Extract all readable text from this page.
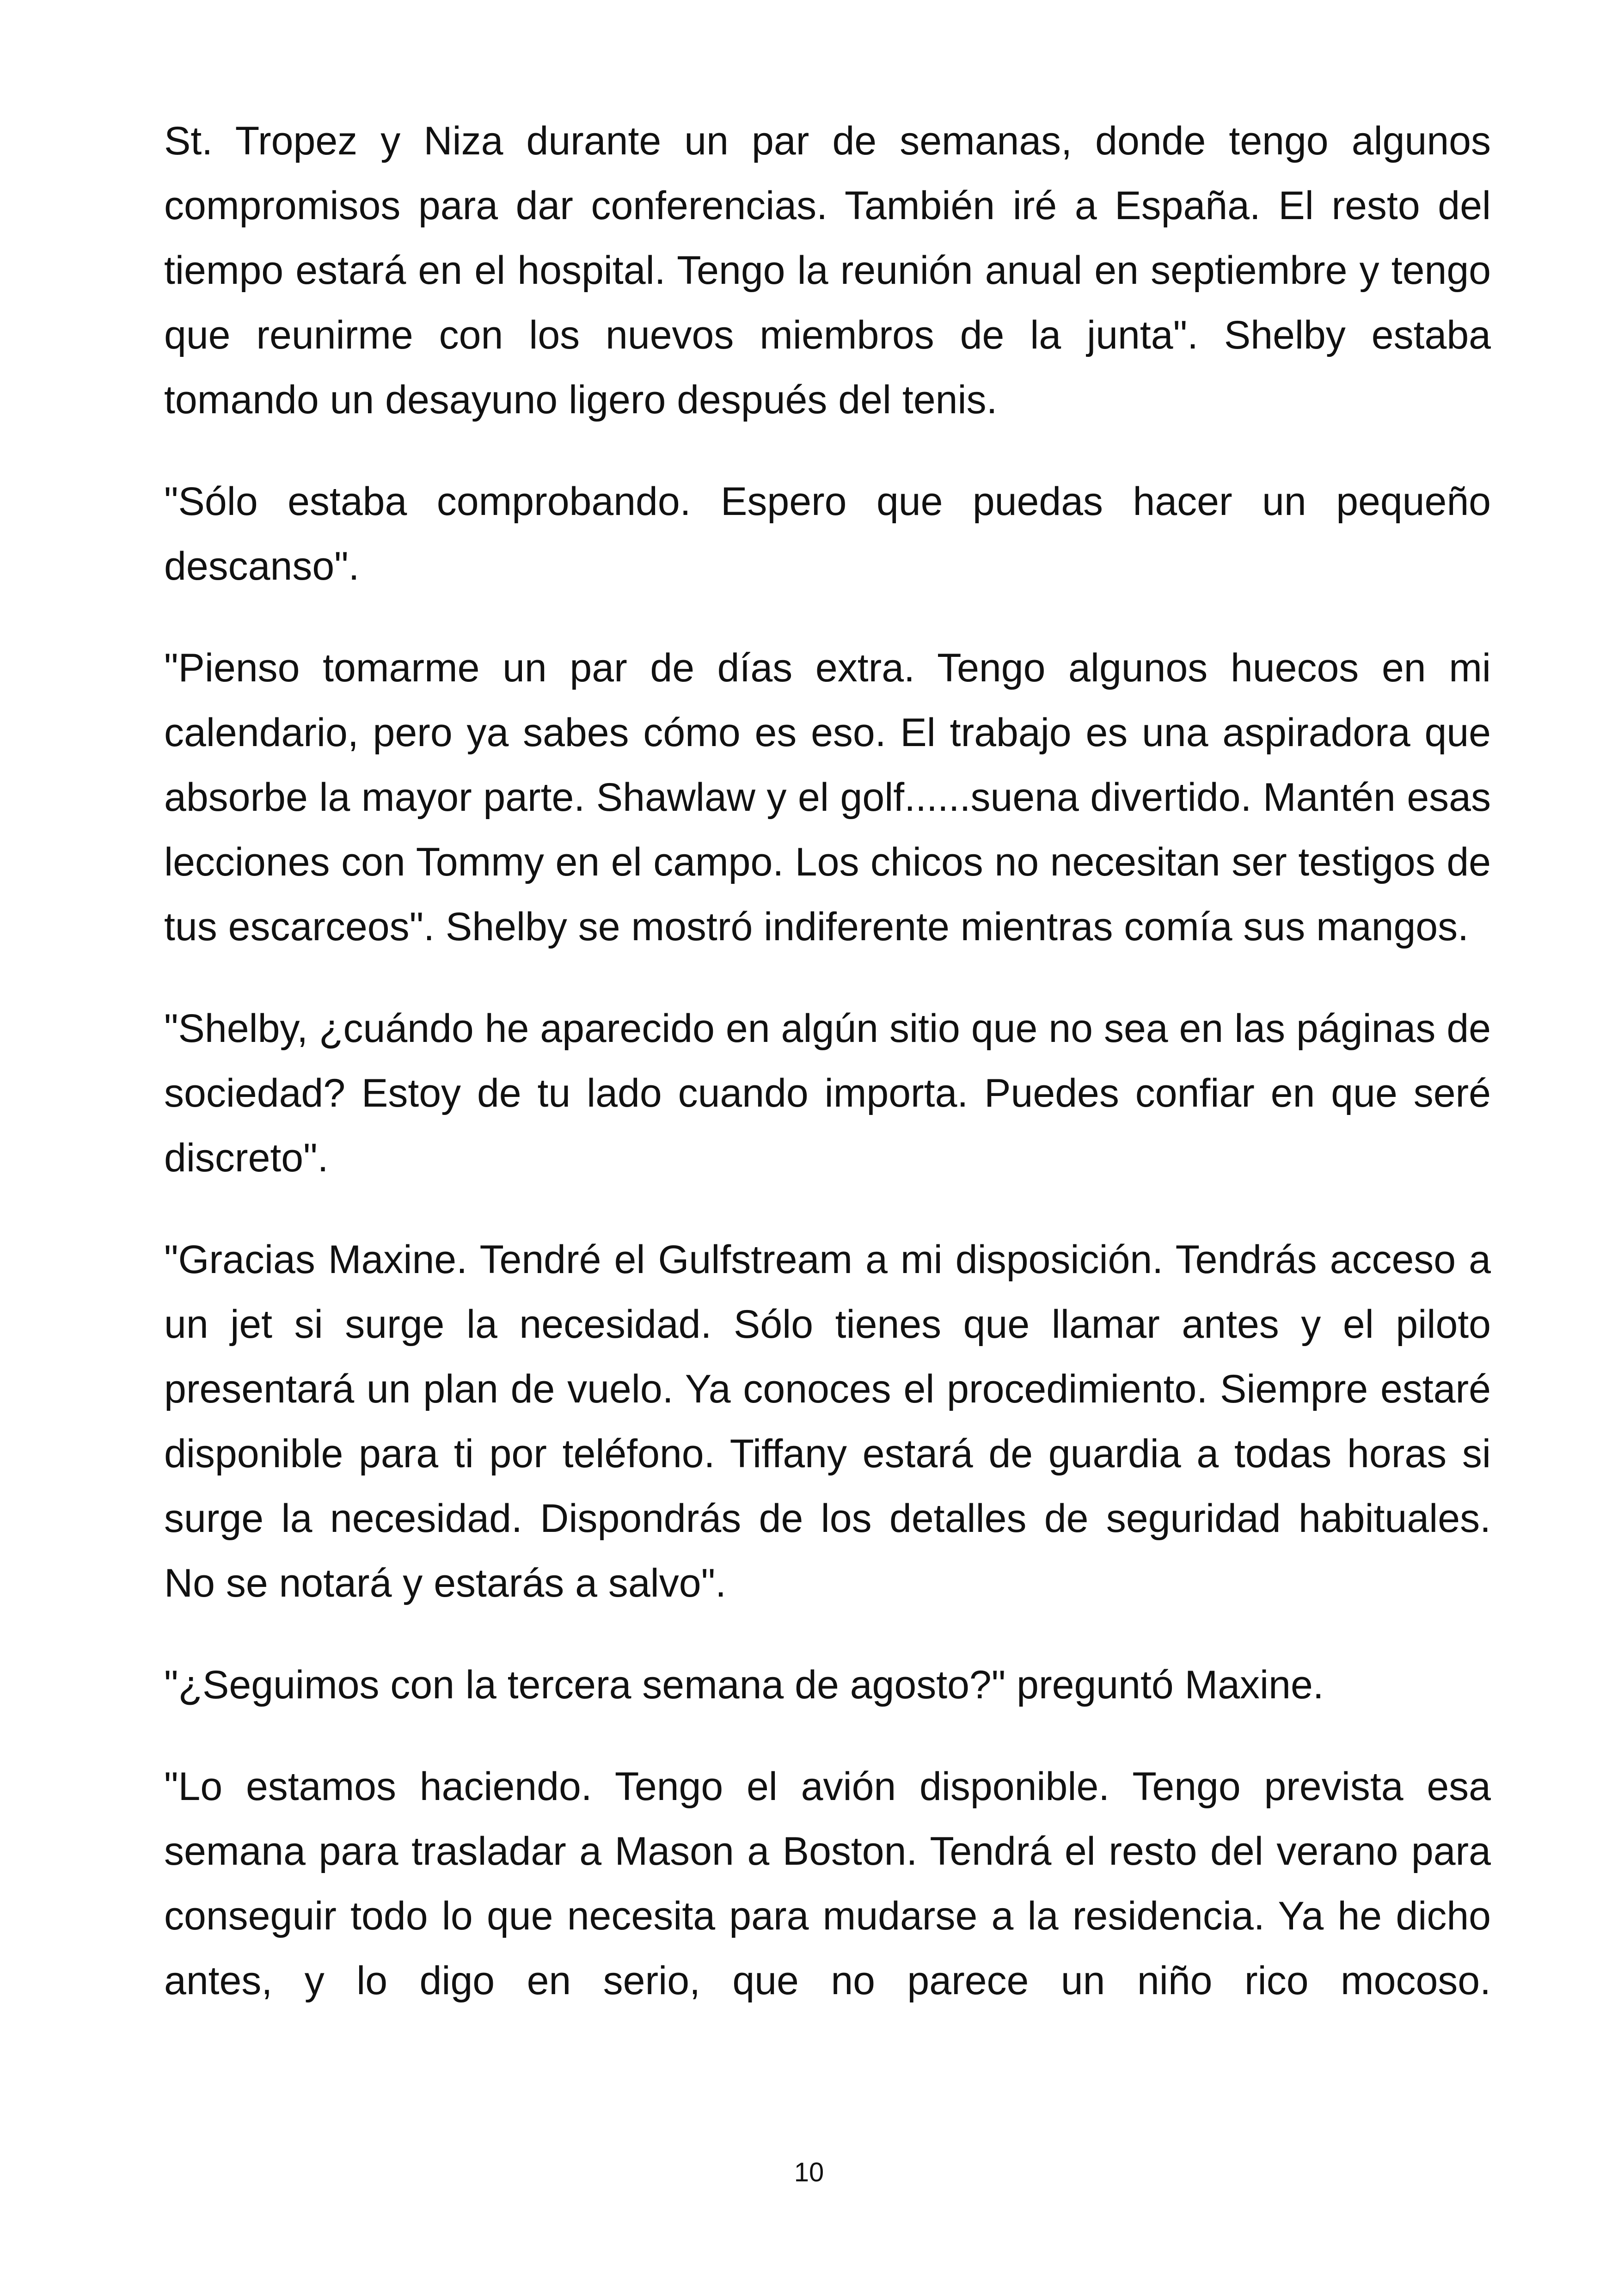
St. Tropez y Niza durante un par de semanas, donde tengo algunos compromisos para dar conferencias. También iré a España. El resto del tiempo estará en el hospital. Tengo la reunión anual en septiembre y tengo que reunirme con los nuevos miembros de la junta". Shelby estaba tomando un desayuno ligero después del tenis.

"Sólo estaba comprobando. Espero que puedas hacer un pequeño descanso".

"Pienso tomarme un par de días extra. Tengo algunos huecos en mi calendario, pero ya sabes cómo es eso. El trabajo es una aspiradora que absorbe la mayor parte. Shawlaw y el golf......suena divertido. Mantén esas lecciones con Tommy en el campo. Los chicos no necesitan ser testigos de tus escarceos". Shelby se mostró indiferente mientras comía sus mangos.

"Shelby, ¿cuándo he aparecido en algún sitio que no sea en las páginas de sociedad? Estoy de tu lado cuando importa. Puedes confiar en que seré discreto".

"Gracias Maxine. Tendré el Gulfstream a mi disposición. Tendrás acceso a un jet si surge la necesidad. Sólo tienes que llamar antes y el piloto presentará un plan de vuelo. Ya conoces el procedimiento. Siempre estaré disponible para ti por teléfono. Tiffany estará de guardia a todas horas si surge la necesidad. Dispondrás de los detalles de seguridad habituales. No se notará y estarás a salvo".

"¿Seguimos con la tercera semana de agosto?" preguntó Maxine.

"Lo estamos haciendo. Tengo el avión disponible. Tengo prevista esa semana para trasladar a Mason a Boston. Tendrá el resto del verano para conseguir todo lo que necesita para mudarse a la residencia. Ya he dicho antes, y lo digo en serio, que no parece un niño rico mocoso.

10
